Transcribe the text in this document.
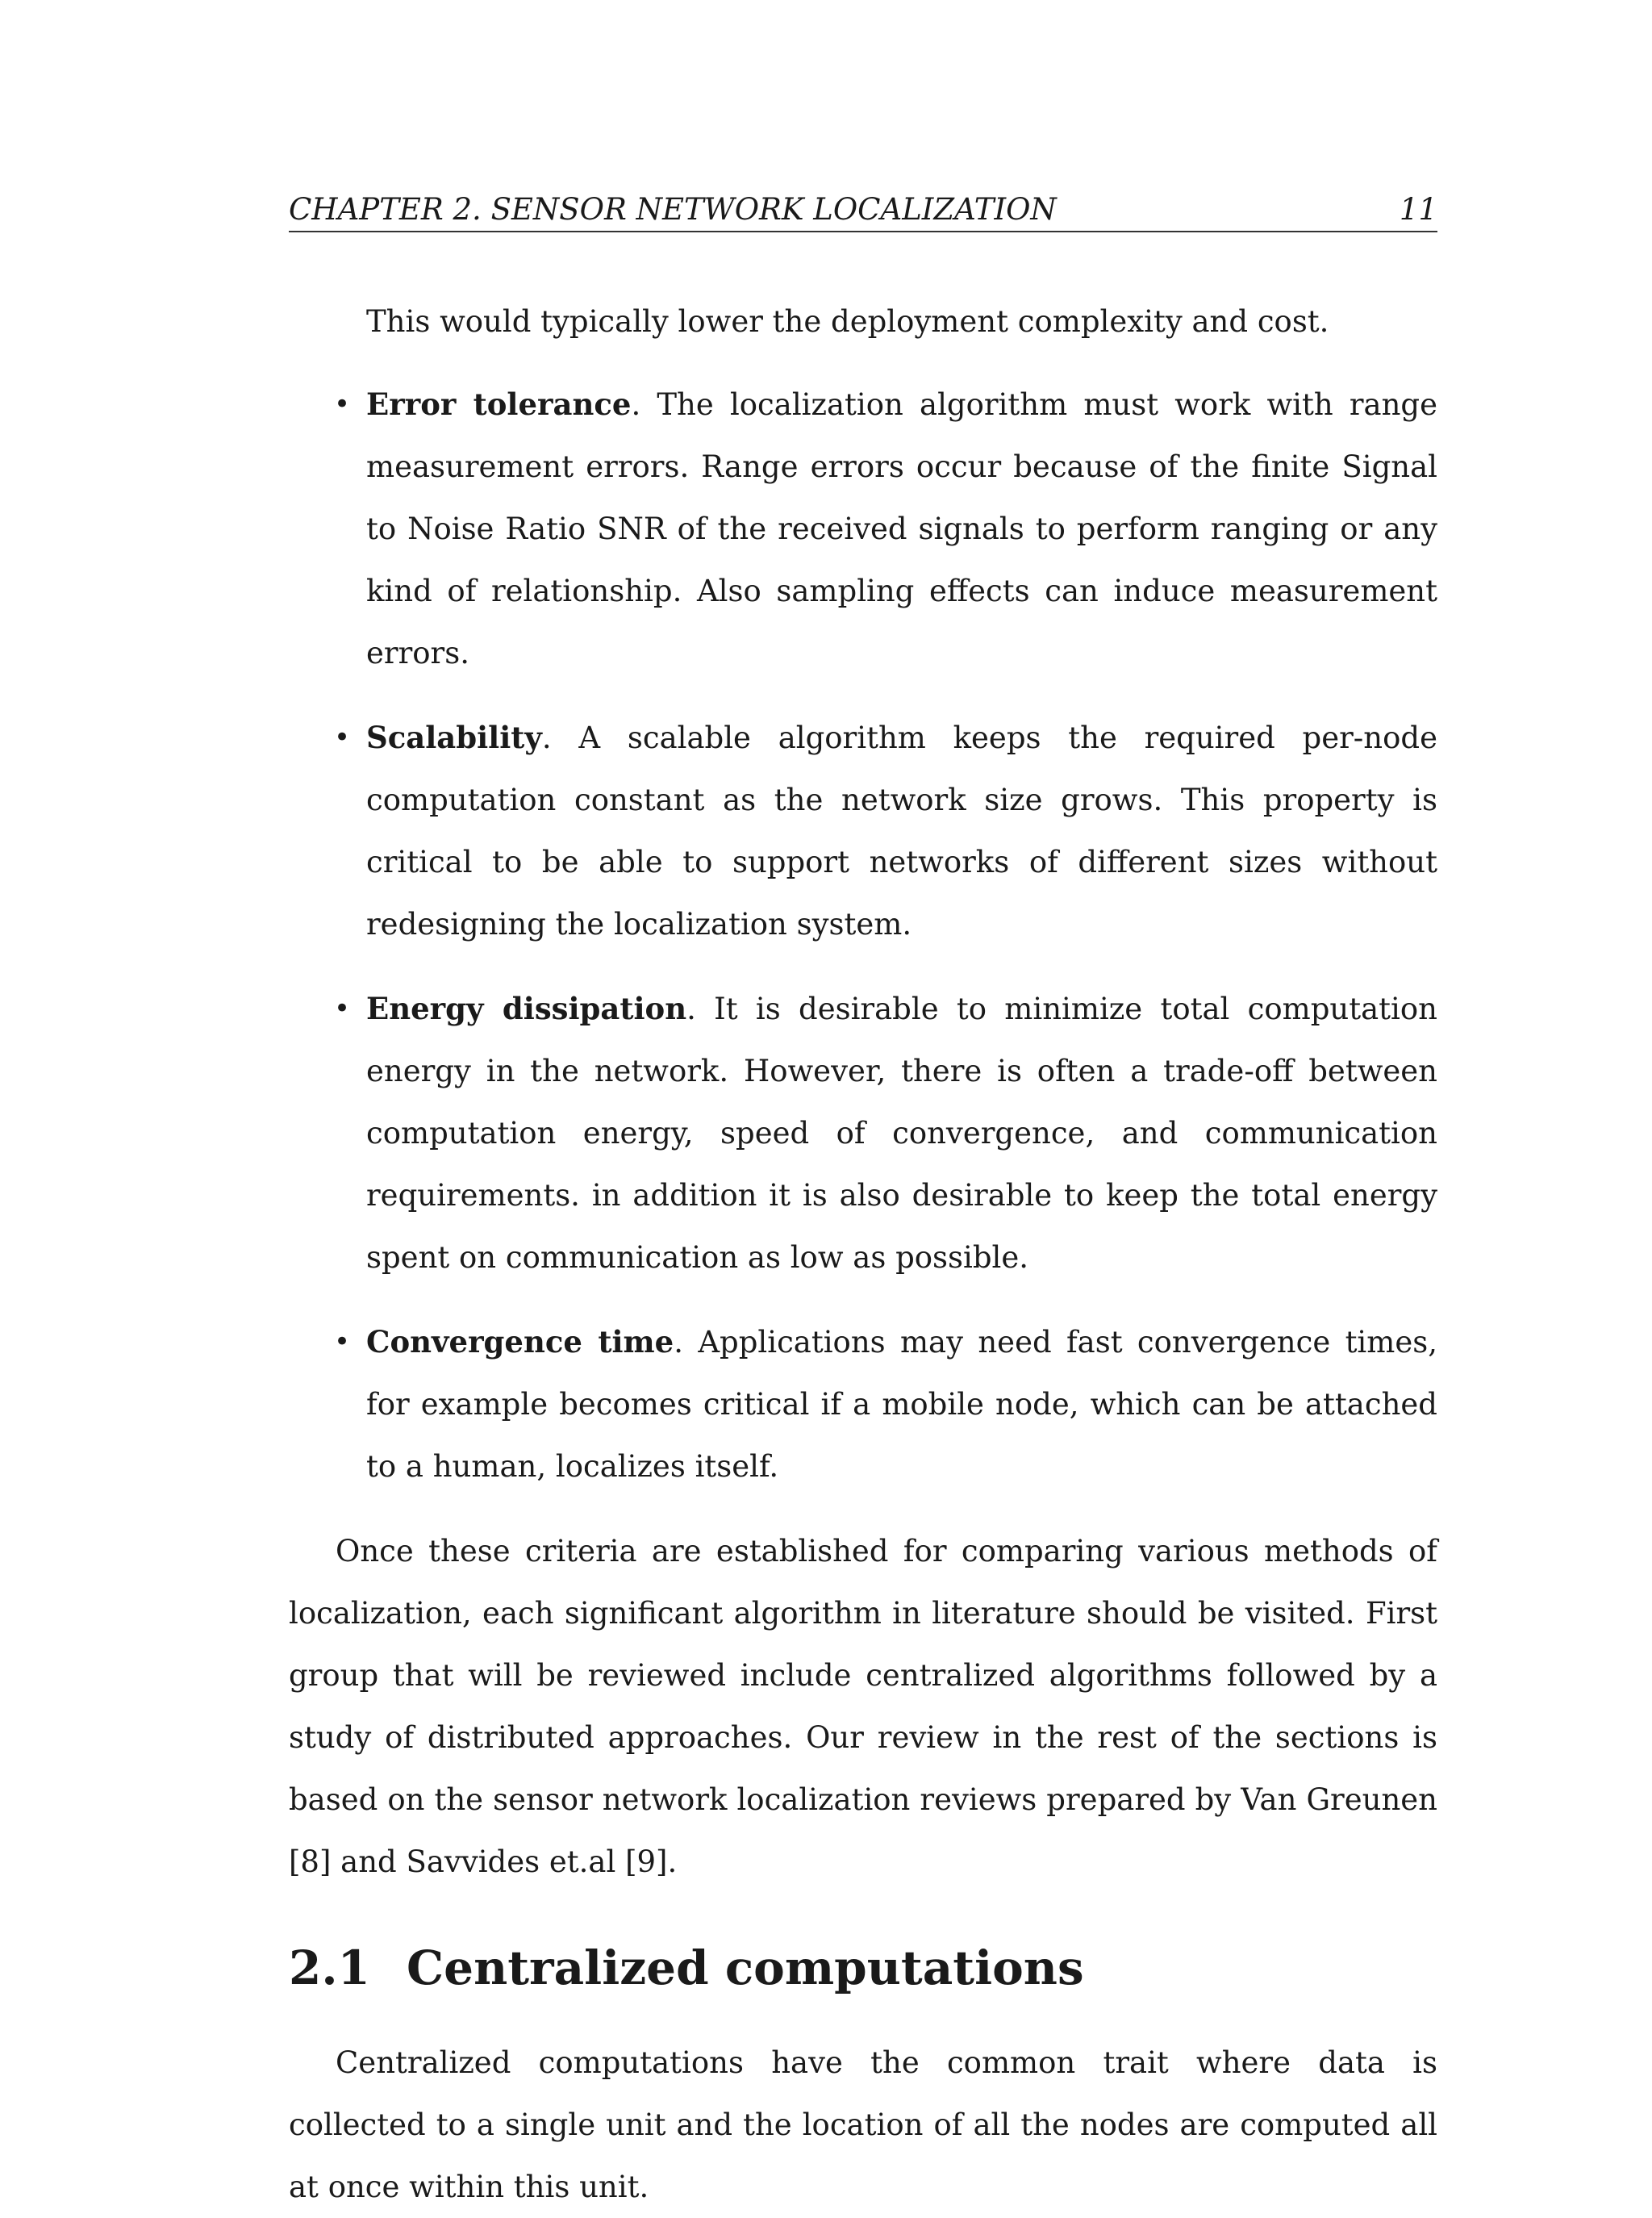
CHAPTER 2. SENSOR NETWORK LOCALIZATION	11

This would typically lower the deployment complexity and cost.

• Error tolerance. The localization algorithm must work with range measurement errors. Range errors occur because of the finite Signal to Noise Ratio SNR of the received signals to perform ranging or any kind of relationship. Also sampling effects can induce measurement errors.
• Scalability. A scalable algorithm keeps the required per-node computation constant as the network size grows. This property is critical to be able to support networks of different sizes without redesigning the localization system.
• Energy dissipation. It is desirable to minimize total computation energy in the network. However, there is often a trade-off between computation energy, speed of convergence, and communication requirements. in addition it is also desirable to keep the total energy spent on communication as low as possible.
• Convergence time. Applications may need fast convergence times, for example becomes critical if a mobile node, which can be attached to a human, localizes itself.

Once these criteria are established for comparing various methods of localization, each significant algorithm in literature should be visited. First group that will be reviewed include centralized algorithms followed by a study of distributed approaches. Our review in the rest of the sections is based on the sensor network localization reviews prepared by Van Greunen [8] and Savvides et.al [9].

2.1 Centralized computations

Centralized computations have the common trait where data is collected to a single unit and the location of all the nodes are computed all at once within this unit.
